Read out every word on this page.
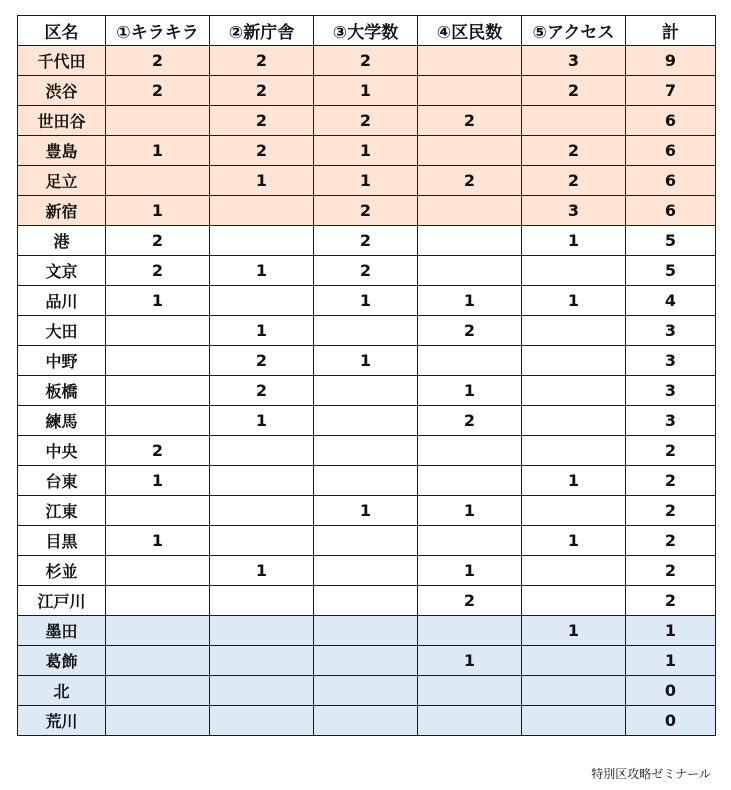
区名	①キラキラ	②新庁舎	③大学数	④区民数	⑤アクセス	計
千代田	2	2	2		3	9
渋谷	2	2	1		2	7
世田谷		2	2	2		6
豊島	1	2	1		2	6
足立		1	1	2	2	6
新宿	1		2		3	6
港	2		2		1	5
文京	2	1	2			5
品川	1		1	1	1	4
大田		1		2		3
中野		2	1			3
板橋		2		1		3
練馬		1		2		3
中央	2					2
台東	1				1	2
江東			1	1		2
目黒	1				1	2
杉並		1		1		2
江戸川				2		2
墨田					1	1
葛飾				1		1
北						0
荒川						0
特別区攻略ゼミナール
